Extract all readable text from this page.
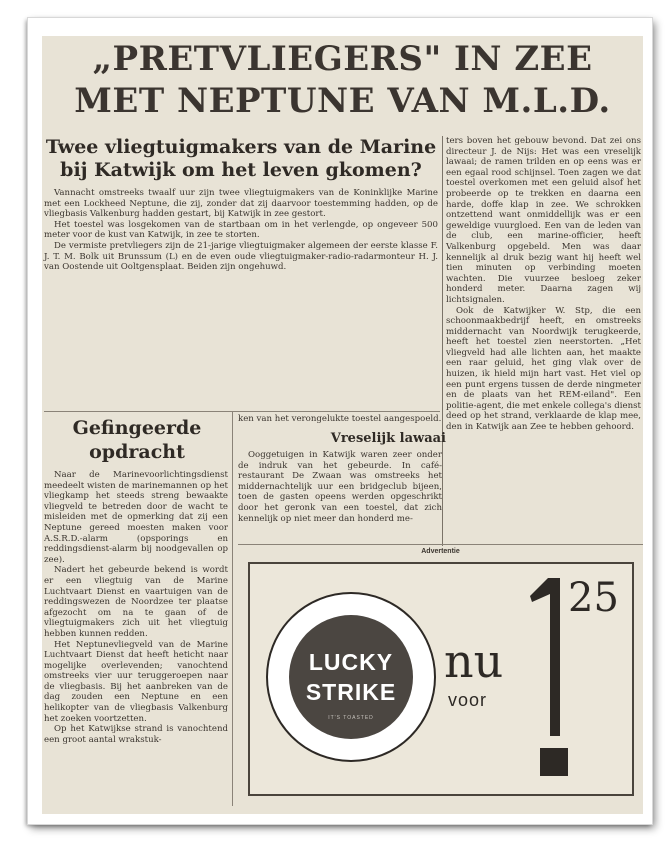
„PRETVLIEGERS" IN ZEE
MET NEPTUNE VAN M.L.D.
Twee vliegtuigmakers van de Marine
bij Katwijk om het leven gkomen?

Vannacht omstreeks twaalf uur zijn twee vliegtuigmakers van de Koninklijke Marine met een Lockheed Neptune, die zij, zonder dat zij daarvoor toestemming hadden, op de vliegbasis Valkenburg hadden gestart, bij Katwijk in zee gestort.

Het toestel was losgekomen van de startbaan om in het verlengde, op ongeveer 500 meter voor de kust van Katwijk, in zee te storten.

De vermiste pretvliegers zijn de 21-jarige vliegtuigmaker algemeen der eerste klasse F. J. T. M. Bolk uit Brunssum (L) en de even oude vliegtuigmaker-radio-radarmonteur H. J. van Oostende uit Ooltgensplaat. Beiden zijn ongehuwd.

ters boven het gebouw bevond. Dat zei ons directeur J. de Nijs: Het was een vreselijk lawaai; de ramen trilden en op eens was er een egaal rood schijnsel. Toen zagen we dat toestel overkomen met een geluid alsof het probeerde op te trekken en daarna een harde, doffe klap in zee. We schrokken ontzettend want onmiddellijk was er een geweldige vuurgloed. Een van de leden van de club, een marine-officier, heeft Valkenburg opgebeld. Men was daar kennelijk al druk bezig want hij heeft wel tien minuten op verbinding moeten wachten. Die vuurzee besloeg zeker honderd meter. Daarna zagen wij lichtsignalen.

Ook de Katwijker W. Stp, die een schoonmaakbedrijf heeft, en omstreeks middernacht van Noordwijk terugkeerde, heeft het toestel zien neerstorten. „Het vliegveld had alle lichten aan, het maakte een raar geluid, het ging vlak over de huizen, ik hield mijn hart vast. Het viel op een punt ergens tussen de derde ningmeter en de plaats van het REM-eiland". Een politie-agent, die met enkele collega's dienst deed op het strand, verklaarde de klap mee, den in Katwijk aan Zee te hebben gehoord.

Gefingeerde
opdracht

Naar de Marinevoorlichtingsdienst meedeelt wisten de marinemannen op het vliegkamp het steeds streng bewaakte vliegveld te betreden door de wacht te misleiden met de opmerking dat zij een Neptune gereed moesten maken voor A.S.R.D.-alarm (opsporings en reddingsdienst-alarm bij noodgevallen op zee).

Nadert het gebeurde bekend is wordt er een vliegtuig van de Marine Luchtvaart Dienst en vaartuigen van de reddingswezen de Noordzee ter plaatse afgezocht om na te gaan of de vliegtuigmakers zich uit het vliegtuig hebben kunnen redden.

Het Neptunevliegveld van de Marine Luchtvaart Dienst dat heeft heticht naar mogelijke overlevenden; vanochtend omstreeks vier uur teruggeroepen naar de vliegbasis. Bij het aanbreken van de dag zouden een Neptune en een helikopter van de vliegbasis Valkenburg het zoeken voortzetten.

Op het Katwijkse strand is vanochtend een groot aantal wrakstuk-

ken van het verongelukte toestel aangespoeld.

Vreselijk lawaai

Ooggetuigen in Katwijk waren zeer onder de indruk van het gebeurde. In café-restaurant De Zwaan was omstreeks het middernachtelijk uur een bridgeclub bijeen, toen de gasten opeens werden opgeschrikt door het geronk van een toestel, dat zich kennelijk op niet meer dan honderd me-

Advertentie
LUCKY
STRIKE
IT'S TOASTED
nu
voor
25
